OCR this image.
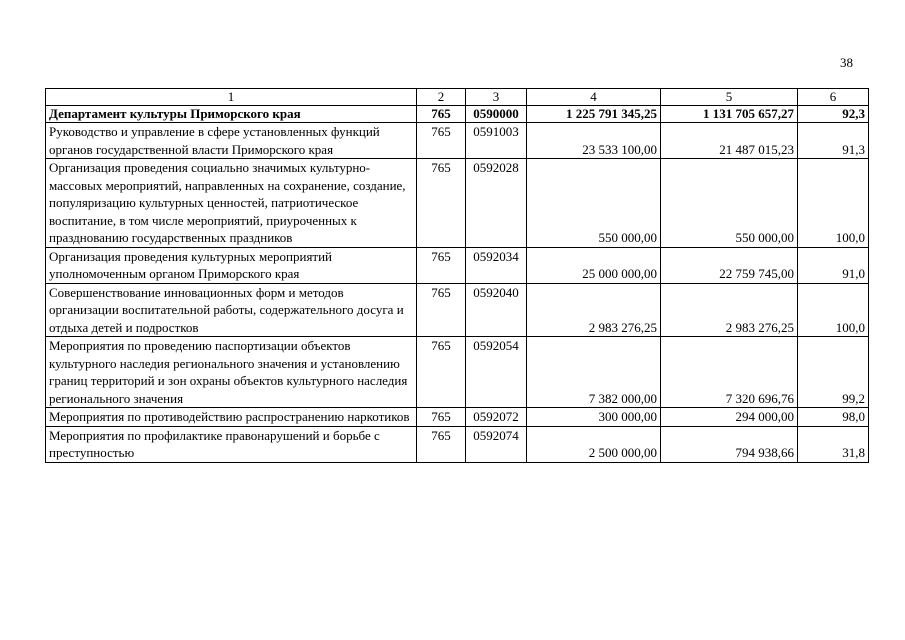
38
1	2	3	4	5	6
Департамент культуры Приморского края	765	0590000	1 225 791 345,25	1 131 705 657,27	92,3
Руководство и управление в сфере установленных функций органов государственной власти Приморского края	765	0591003	23 533 100,00	21 487 015,23	91,3
Организация проведения социально значимых культурно-массовых мероприятий, направленных на сохранение, создание, популяризацию культурных ценностей, патриотическое воспитание, в том числе мероприятий, приуроченных к празднованию государственных праздников	765	0592028	550 000,00	550 000,00	100,0
Организация проведения культурных мероприятий уполномоченным органом Приморского края	765	0592034	25 000 000,00	22 759 745,00	91,0
Совершенствование инновационных форм и методов организации воспитательной работы, содержательного досуга и отдыха детей и подростков	765	0592040	2 983 276,25	2 983 276,25	100,0
Мероприятия по проведению паспортизации объектов культурного наследия регионального значения и установлению границ территорий и зон охраны объектов культурного наследия регионального значения	765	0592054	7 382 000,00	7 320 696,76	99,2
Мероприятия по противодействию распространению наркотиков	765	0592072	300 000,00	294 000,00	98,0
Мероприятия по профилактике правонарушений и борьбе с преступностью	765	0592074	2 500 000,00	794 938,66	31,8
